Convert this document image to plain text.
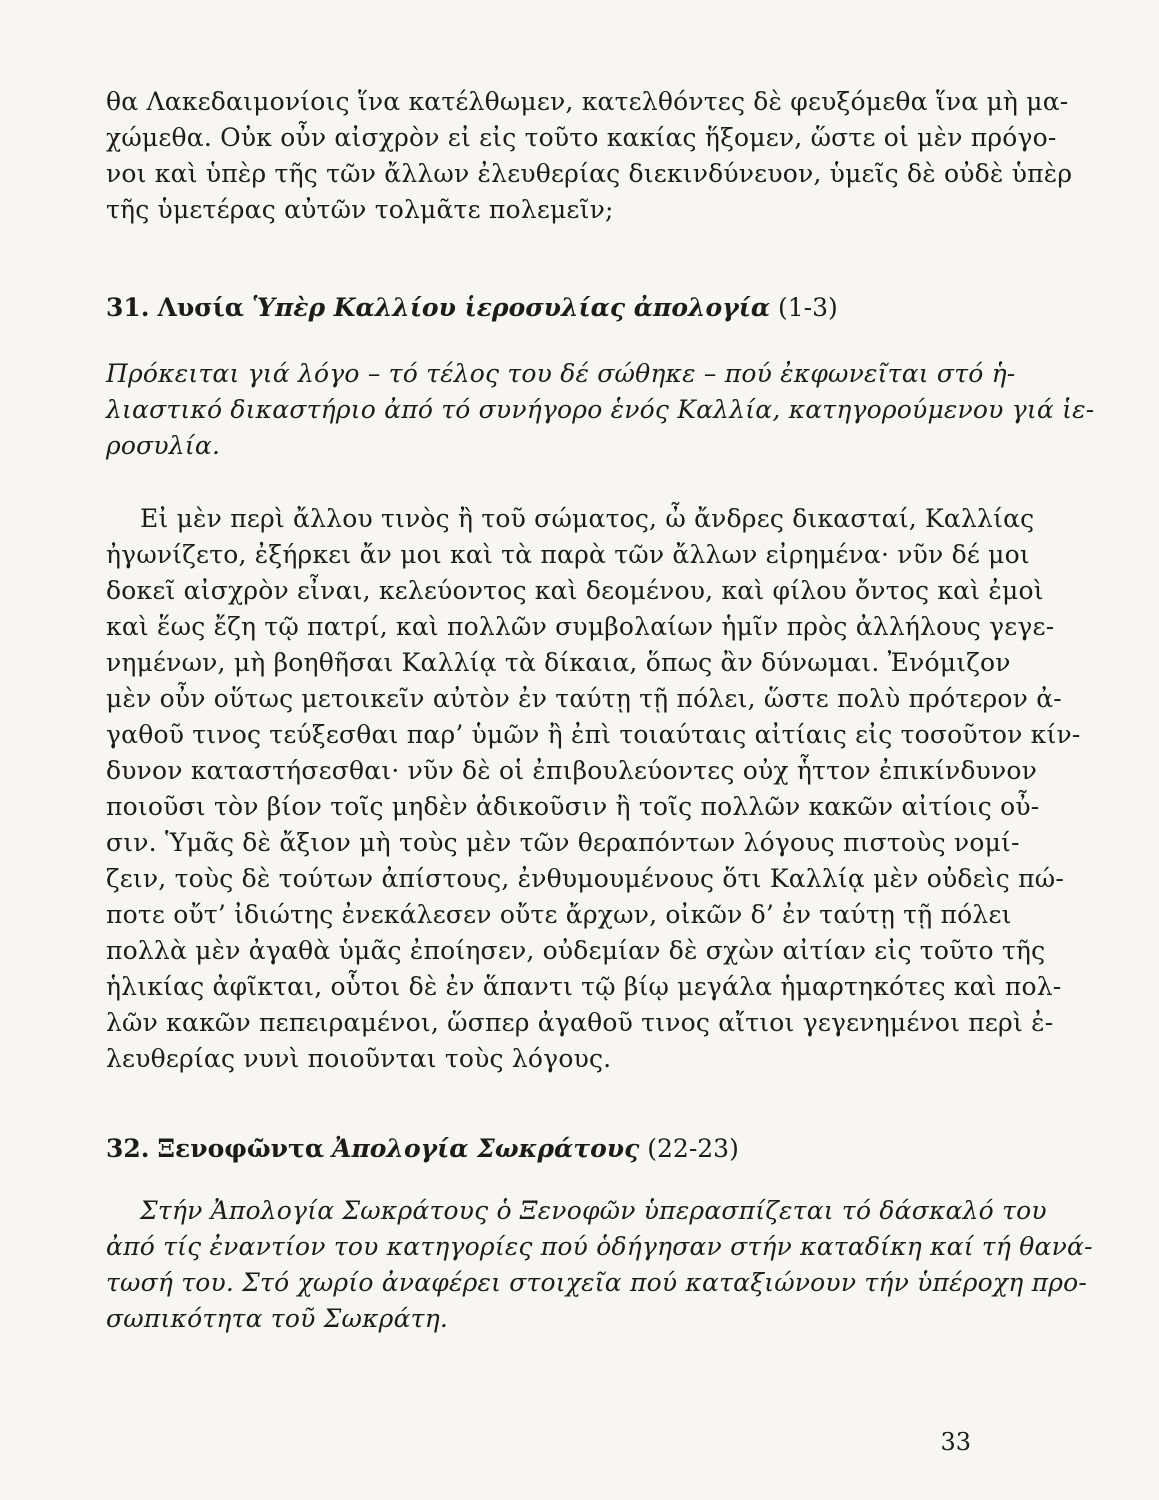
θα Λακεδαιμονίοις ἵνα κατέλθωμεν, κατελθόντες δὲ φευξόμεθα ἵνα μὴ μα-
χώμεθα. Οὐκ οὖν αἰσχρὸν εἰ εἰς τοῦτο κακίας ἥξομεν, ὥστε οἱ μὲν πρόγο-
νοι καὶ ὑπὲρ τῆς τῶν ἄλλων ἐλευθερίας διεκινδύνευον, ὑμεῖς δὲ οὐδὲ ὑπὲρ
τῆς ὑμετέρας αὐτῶν τολμᾶτε πολεμεῖν;
31. Λυσία Ὑπὲρ Καλλίου ἱεροσυλίας ἀπολογία (1-3)
Πρόκειται γιά λόγο – τό τέλος του δέ σώθηκε – πού ἐκφωνεῖται στό ἡ-
λιαστικό δικαστήριο ἀπό τό συνήγορο ἑνός Καλλία, κατηγορούμενου γιά ἱε-
ροσυλία.
Εἰ μὲν περὶ ἄλλου τινὸς ἢ τοῦ σώματος, ὦ ἄνδρες δικασταί, Καλλίας
ἠγωνίζετο, ἐξήρκει ἄν μοι καὶ τὰ παρὰ τῶν ἄλλων εἰρημένα· νῦν δέ μοι
δοκεῖ αἰσχρὸν εἶναι, κελεύοντος καὶ δεομένου, καὶ φίλου ὄντος καὶ ἐμοὶ
καὶ ἕως ἔζη τῷ πατρί, καὶ πολλῶν συμβολαίων ἡμῖν πρὸς ἀλλήλους γεγε-
νημένων, μὴ βοηθῆσαι Καλλίᾳ τὰ δίκαια, ὅπως ἂν δύνωμαι. Ἐνόμιζον
μὲν οὖν οὕτως μετοικεῖν αὐτὸν ἐν ταύτῃ τῇ πόλει, ὥστε πολὺ πρότερον ἀ-
γαθοῦ τινος τεύξεσθαι παρ’ ὑμῶν ἢ ἐπὶ τοιαύταις αἰτίαις εἰς τοσοῦτον κίν-
δυνον καταστήσεσθαι· νῦν δὲ οἱ ἐπιβουλεύοντες οὐχ ἧττον ἐπικίνδυνον
ποιοῦσι τὸν βίον τοῖς μηδὲν ἀδικοῦσιν ἢ τοῖς πολλῶν κακῶν αἰτίοις οὖ-
σιν. Ὑμᾶς δὲ ἄξιον μὴ τοὺς μὲν τῶν θεραπόντων λόγους πιστοὺς νομί-
ζειν, τοὺς δὲ τούτων ἀπίστους, ἐνθυμουμένους ὅτι Καλλίᾳ μὲν οὐδεὶς πώ-
ποτε οὔτ’ ἰδιώτης ἐνεκάλεσεν οὔτε ἄρχων, οἰκῶν δ’ ἐν ταύτῃ τῇ πόλει
πολλὰ μὲν ἀγαθὰ ὑμᾶς ἐποίησεν, οὐδεμίαν δὲ σχὼν αἰτίαν εἰς τοῦτο τῆς
ἡλικίας ἀφῖκται, οὗτοι δὲ ἐν ἅπαντι τῷ βίῳ μεγάλα ἡμαρτηκότες καὶ πολ-
λῶν κακῶν πεπειραμένοι, ὥσπερ ἀγαθοῦ τινος αἴτιοι γεγενημένοι περὶ ἐ-
λευθερίας νυνὶ ποιοῦνται τοὺς λόγους.
32. Ξενοφῶντα Ἀπολογία Σωκράτους (22-23)
Στήν Ἀπολογία Σωκράτους ὁ Ξενοφῶν ὑπερασπίζεται τό δάσκαλό του
ἀπό τίς ἐναντίον του κατηγορίες πού ὁδήγησαν στήν καταδίκη καί τή θανά-
τωσή του. Στό χωρίο ἀναφέρει στοιχεῖα πού καταξιώνουν τήν ὑπέροχη προ-
σωπικότητα τοῦ Σωκράτη.
33
